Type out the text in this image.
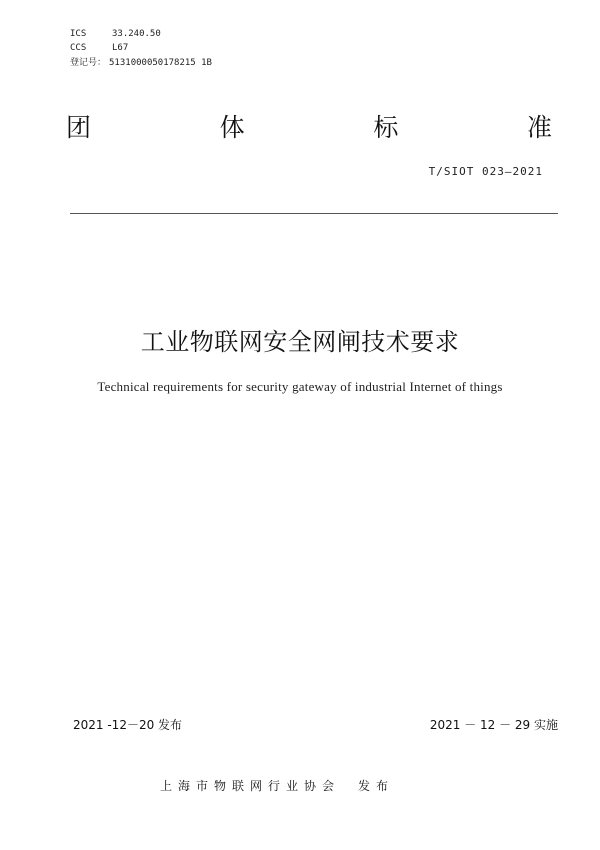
ICS	33.240.50
CCS	L67
登记号： 5131000050178215 1B
团	体	标	准
T/SIOT 023—2021
工业物联网安全网闸技术要求
Technical requirements for security gateway of industrial Internet of things
2021 -12－20 发布	2021 － 12 － 29 实施
上海市物联网行业协会 发布
